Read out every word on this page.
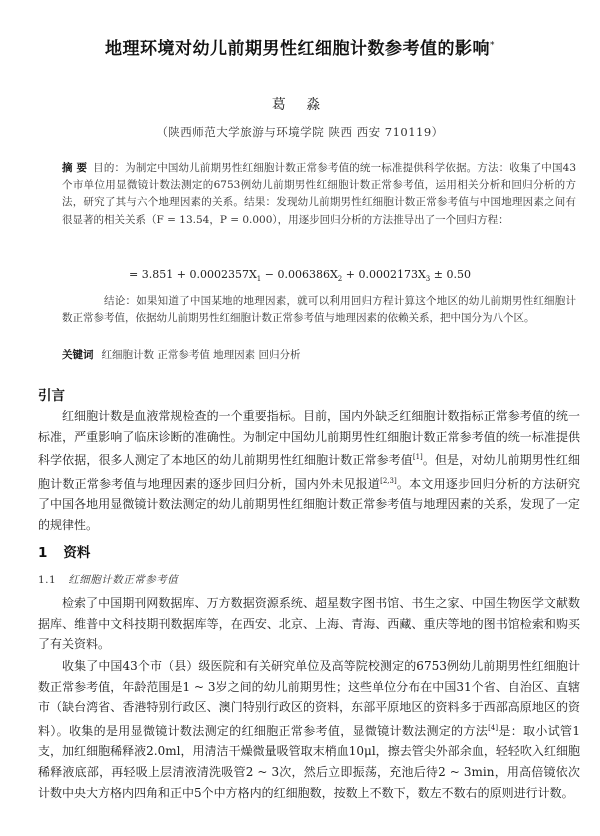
地理环境对幼儿前期男性红细胞计数参考值的影响*
葛 淼
（陕西师范大学旅游与环境学院 陕西 西安 710119）
摘 要 目的：为制定中国幼儿前期男性红细胞计数正常参考值的统一标准提供科学依据。方法：收集了中国43个市单位用显微镜计数法测定的6753例幼儿前期男性红细胞计数正常参考值，运用相关分析和回归分析的方法，研究了其与六个地理因素的关系。结果：发现幼儿前期男性红细胞计数正常参考值与中国地理因素之间有很显著的相关关系（F = 13.54，P = 0.000），用逐步回归分析的方法推导出了一个回归方程：
= $3.851 + 0.0002357X_1 - 0.006386X_2 + 0.0002173X_3 \pm 0.50$
结论：如果知道了中国某地的地理因素，就可以利用回归方程计算这个地区的幼儿前期男性红细胞计数正常参考值，依据幼儿前期男性红细胞计数正常参考值与地理因素的依赖关系，把中国分为八个区。
关键词 红细胞计数 正常参考值 地理因素 回归分析
引言
红细胞计数是血液常规检查的一个重要指标。目前，国内外缺乏红细胞计数指标正常参考值的统一标准，严重影响了临床诊断的准确性。为制定中国幼儿前期男性红细胞计数正常参考值的统一标准提供科学依据，很多人测定了本地区的幼儿前期男性红细胞计数正常参考值[1]。但是，对幼儿前期男性红细胞计数正常参考值与地理因素的逐步回归分析，国内外未见报道[2,3]。本文用逐步回归分析的方法研究了中国各地用显微镜计数法测定的幼儿前期男性红细胞计数正常参考值与地理因素的关系，发现了一定的规律性。
1 资料
1.1 红细胞计数正常参考值
检索了中国期刊网数据库、万方数据资源系统、超星数字图书馆、书生之家、中国生物医学文献数据库、维普中文科技期刊数据库等，在西安、北京、上海、青海、西藏、重庆等地的图书馆检索和购买了有关资料。
收集了中国43个市（县）级医院和有关研究单位及高等院校测定的6753例幼儿前期男性红细胞计数正常参考值，年龄范围是1 ~ 3岁之间的幼儿前期男性；这些单位分布在中国31个省、自治区、直辖市（缺台湾省、香港特别行政区、澳门特别行政区的资料，东部平原地区的资料多于西部高原地区的资料）。收集的是用显微镜计数法测定的红细胞正常参考值，显微镜计数法测定的方法[4]是：取小试管1支，加红细胞稀释液2.0ml，用清洁干燥微量吸管取末梢血10μl，擦去管尖外部余血，轻轻吹入红细胞稀释液底部，再轻吸上层清液清洗吸管2 ~ 3次，然后立即振荡，充池后待2 ~ 3min，用高倍镜依次计数中央大方格内四角和正中5个中方格内的红细胞数，按数上不数下，数左不数右的原则进行计数。
